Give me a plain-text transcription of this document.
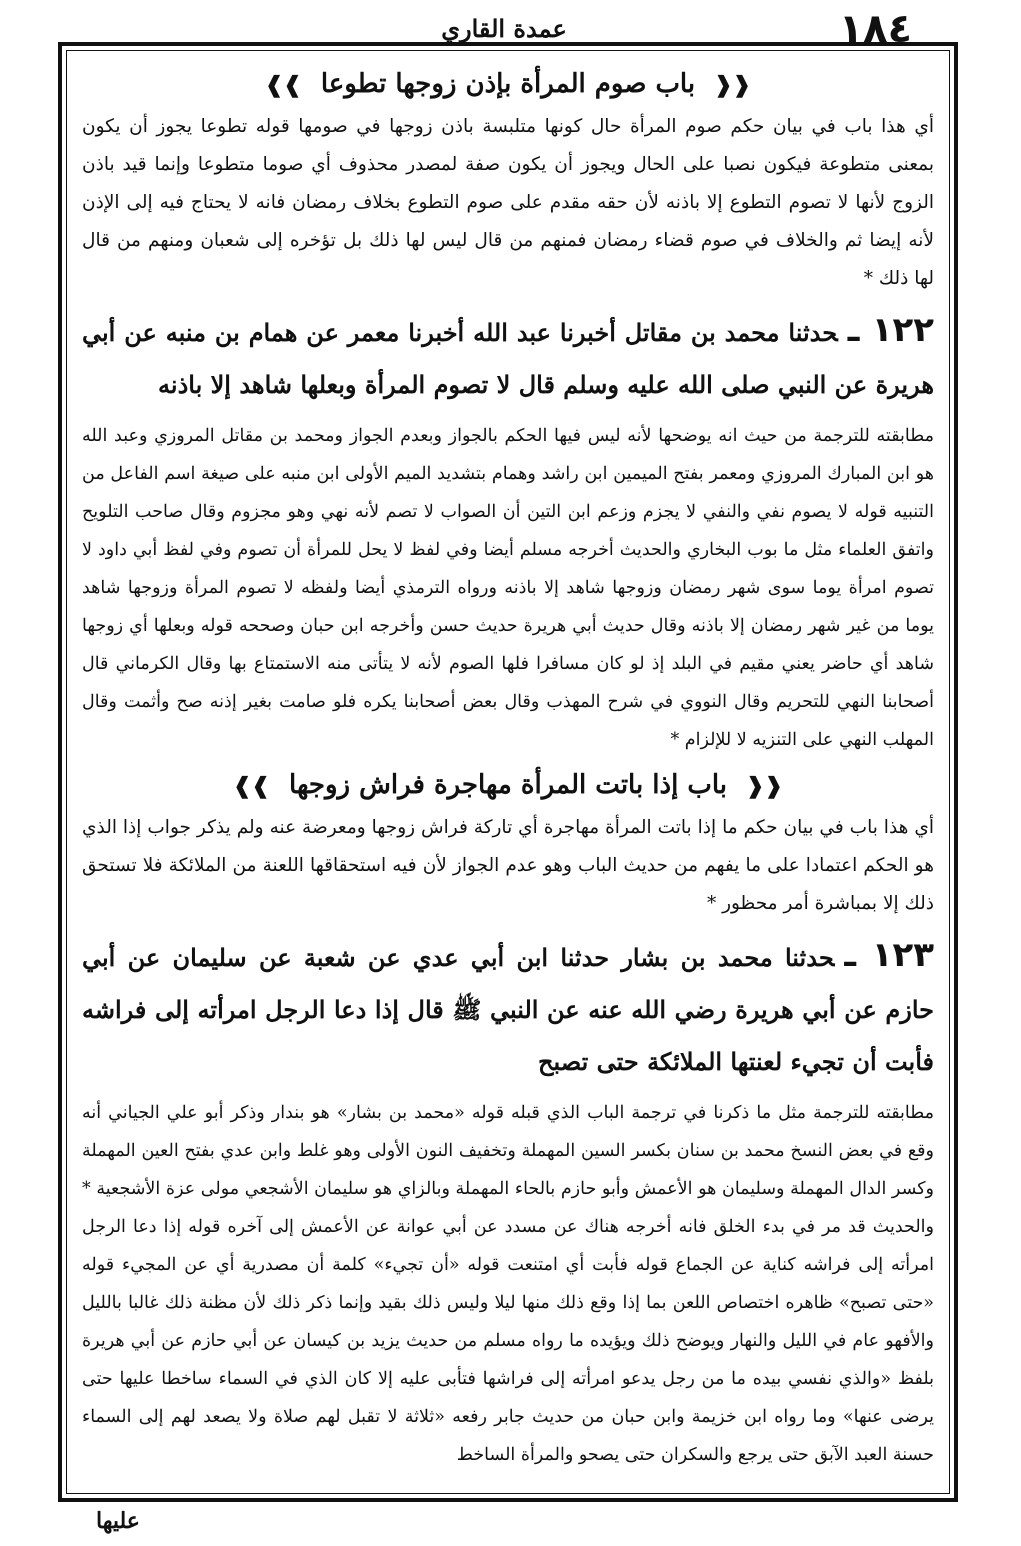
١٨٤
عمدة القاري
❰❰ باب صوم المرأة بإذن زوجها تطوعا ❱❱

أي هذا باب في بيان حكم صوم المرأة حال كونها متلبسة باذن زوجها في صومها قوله تطوعا يجوز أن يكون بمعنى متطوعة فيكون نصبا على الحال ويجوز أن يكون صفة لمصدر محذوف أي صوما متطوعا وإنما قيد باذن الزوج لأنها لا تصوم التطوع إلا باذنه لأن حقه مقدم على صوم التطوع بخلاف رمضان فانه لا يحتاج فيه إلى الإذن لأنه إيضا ثم والخلاف في صوم قضاء رمضان فمنهم من قال ليس لها ذلك بل تؤخره إلى شعبان ومنهم من قال لها ذلك *

١٢٢ ـحدثنا محمد بن مقاتل أخبرنا عبد الله أخبرنا معمر عن همام بن منبه عن أبي هريرة عن النبي صلى الله عليه وسلم قال لا تصوم المرأة وبعلها شاهد إلا باذنه

مطابقته للترجمة من حيث انه يوضحها لأنه ليس فيها الحكم بالجواز وبعدم الجواز ومحمد بن مقاتل المروزي وعبد الله هو ابن المبارك المروزي ومعمر بفتح الميمين ابن راشد وهمام بتشديد الميم الأولى ابن منبه على صيغة اسم الفاعل من التنبيه قوله لا يصوم نفي والنفي لا يجزم وزعم ابن التين أن الصواب لا تصم لأنه نهي وهو مجزوم وقال صاحب التلويح واتفق العلماء مثل ما بوب البخاري والحديث أخرجه مسلم أيضا وفي لفظ لا يحل للمرأة أن تصوم وفي لفظ أبي داود لا تصوم امرأة يوما سوى شهر رمضان وزوجها شاهد إلا باذنه ورواه الترمذي أيضا ولفظه لا تصوم المرأة وزوجها شاهد يوما من غير شهر رمضان إلا باذنه وقال حديث أبي هريرة حديث حسن وأخرجه ابن حبان وصححه قوله وبعلها أي زوجها شاهد أي حاضر يعني مقيم في البلد إذ لو كان مسافرا فلها الصوم لأنه لا يتأتى منه الاستمتاع بها وقال الكرماني قال أصحابنا النهي للتحريم وقال النووي في شرح المهذب وقال بعض أصحابنا يكره فلو صامت بغير إذنه صح وأثمت وقال المهلب النهي على التنزيه لا للإلزام *

❰❰ باب إذا باتت المرأة مهاجرة فراش زوجها ❱❱

أي هذا باب في بيان حكم ما إذا باتت المرأة مهاجرة أي تاركة فراش زوجها ومعرضة عنه ولم يذكر جواب إذا الذي هو الحكم اعتمادا على ما يفهم من حديث الباب وهو عدم الجواز لأن فيه استحقاقها اللعنة من الملائكة فلا تستحق ذلك إلا بمباشرة أمر محظور *

١٢٣ ـحدثنا محمد بن بشار حدثنا ابن أبي عدي عن شعبة عن سليمان عن أبي حازم عن أبي هريرة رضي الله عنه عن النبي ﷺ قال إذا دعا الرجل امرأته إلى فراشه فأبت أن تجيء لعنتها الملائكة حتى تصبح

مطابقته للترجمة مثل ما ذكرنا في ترجمة الباب الذي قبله قوله «محمد بن بشار» هو بندار وذكر أبو علي الجياني أنه وقع في بعض النسخ محمد بن سنان بكسر السين المهملة وتخفيف النون الأولى وهو غلط وابن عدي بفتح العين المهملة وكسر الدال المهملة وسليمان هو الأعمش وأبو حازم بالحاء المهملة وبالزاي هو سليمان الأشجعي مولى عزة الأشجعية * والحديث قد مر في بدء الخلق فانه أخرجه هناك عن مسدد عن أبي عوانة عن الأعمش إلى آخره قوله إذا دعا الرجل امرأته إلى فراشه كناية عن الجماع قوله فأبت أي امتنعت قوله «أن تجيء» كلمة أن مصدرية أي عن المجيء قوله «حتى تصبح» ظاهره اختصاص اللعن بما إذا وقع ذلك منها ليلا وليس ذلك بقيد وإنما ذكر ذلك لأن مظنة ذلك غالبا بالليل والأفهو عام في الليل والنهار ويوضح ذلك ويؤيده ما رواه مسلم من حديث يزيد بن كيسان عن أبي حازم عن أبي هريرة بلفظ «والذي نفسي بيده ما من رجل يدعو امرأته إلى فراشها فتأبى عليه إلا كان الذي في السماء ساخطا عليها حتى يرضى عنها» وما رواه ابن خزيمة وابن حبان من حديث جابر رفعه «ثلاثة لا تقبل لهم صلاة ولا يصعد لهم إلى السماء حسنة العبد الآبق حتى يرجع والسكران حتى يصحو والمرأة الساخط

عليها
